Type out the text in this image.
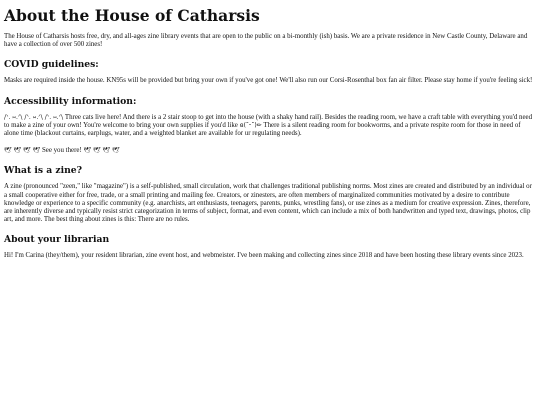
About the House of Catharsis

The House of Catharsis hosts free, dry, and all-ages zine library events that are open to the public on a bi-monthly (ish) basis. We are a private residence in New Castle County, Delaware and have a collection of over 500 zines!

COVID guidelines:

Masks are required inside the house. KN95s will be provided but bring your own if you've got one! We'll also run our Corsi-Rosenthal box fan air filter. Please stay home if you're feeling sick!

Accessibility information:

/ᐠ. ⑅.ᐟ\ /ᐠ. ⑅.ᐟ\ /ᐠ. ⑅.ᐟ\ Three cats live here! And there is a 2 stair stoop to get into the house (with a shaky hand rail). Besides the reading room, we have a craft table with everything you'd need to make a zine of your own! You're welcome to bring your own supplies if you'd like ɞ(˘ᵕ˘)✏ There is a silent reading room for bookworms, and a private respite room for those in need of alone time (blackout curtains, earplugs, water, and a weighted blanket are available for ur regulating needs).

🕊 🕊 🕊 🕊 See you there! 🕊 🕊 🕊 🕊

What is a zine?

A zine (pronounced "zeen," like "magazine") is a self-published, small circulation, work that challenges traditional publishing norms. Most zines are created and distributed by an individual or a small cooperative either for free, trade, or a small printing and mailing fee. Creators, or zinesters, are often members of marginalized communities motivated by a desire to contribute knowledge or experience to a specific community (e.g. anarchists, art enthusiasts, teenagers, parents, punks, wrestling fans), or use zines as a medium for creative expression. Zines, therefore, are inherently diverse and typically resist strict categorization in terms of subject, format, and even content, which can include a mix of both handwritten and typed text, drawings, photos, clip art, and more. The best thing about zines is this: There are no rules.

About your librarian

Hi! I'm Carina (they/them), your resident librarian, zine event host, and webmeister. I've been making and collecting zines since 2018 and have been hosting these library events since 2023.
